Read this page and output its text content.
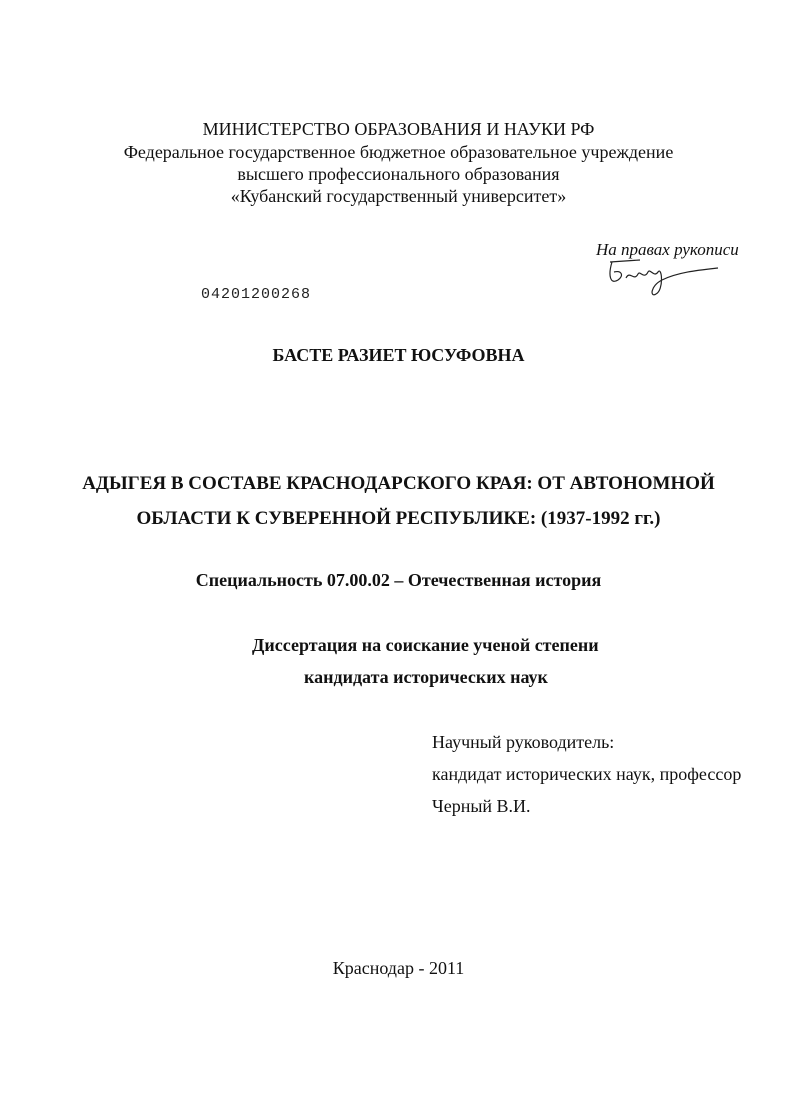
МИНИСТЕРСТВО ОБРАЗОВАНИЯ И НАУКИ РФ
Федеральное государственное бюджетное образовательное учреждение
высшего профессионального образования
«Кубанский государственный университет»
На правах рукописи
04201200268
БАСТЕ РАЗИЕТ ЮСУФОВНА
АДЫГЕЯ В СОСТАВЕ КРАСНОДАРСКОГО КРАЯ: ОТ АВТОНОМНОЙ
ОБЛАСТИ К СУВЕРЕННОЙ РЕСПУБЛИКЕ: (1937-1992 гг.)
Специальность 07.00.02 – Отечественная история
Диссертация на соискание ученой степени
кандидата исторических наук
Научный руководитель:
кандидат исторических наук, профессор
Черный В.И.
Краснодар - 2011
